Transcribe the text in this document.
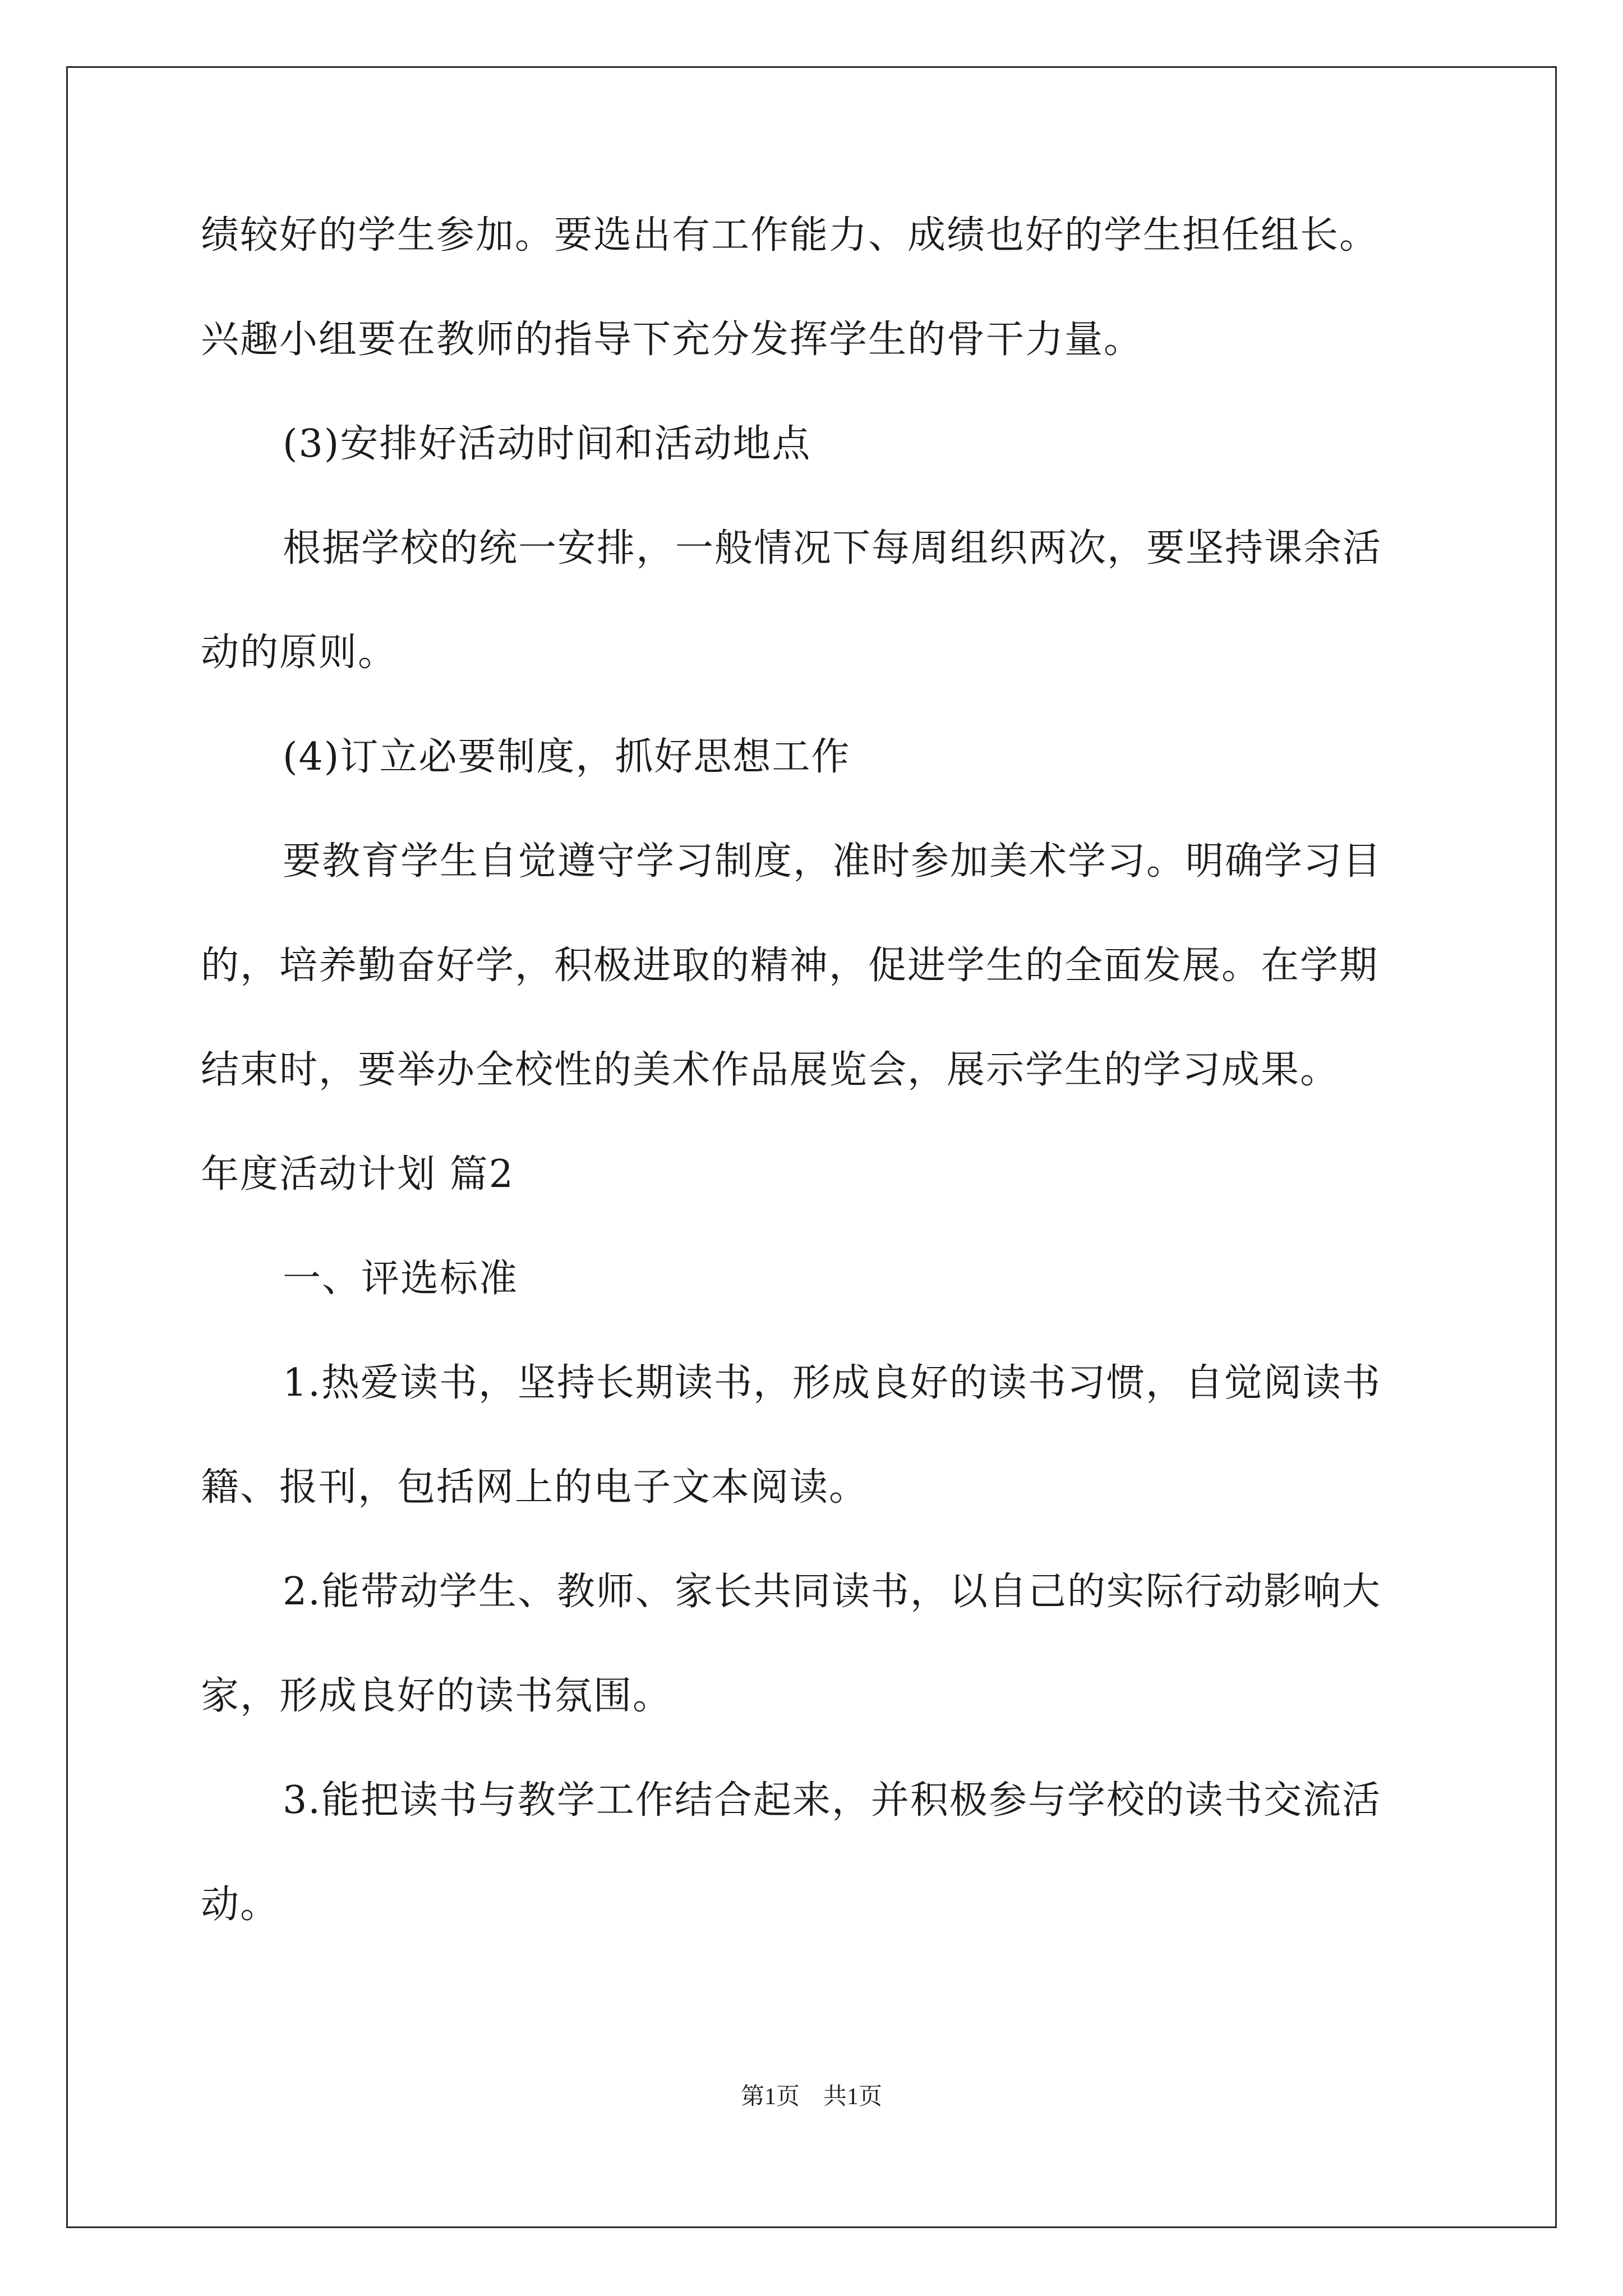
绩较好的学生参加。要选出有工作能力、成绩也好的学生担任组长。
兴趣小组要在教师的指导下充分发挥学生的骨干力量。
(3)安排好活动时间和活动地点
根据学校的统一安排，一般情况下每周组织两次，要坚持课余活
动的原则。
(4)订立必要制度，抓好思想工作
要教育学生自觉遵守学习制度，准时参加美术学习。明确学习目
的，培养勤奋好学，积极进取的精神，促进学生的全面发展。在学期
结束时，要举办全校性的美术作品展览会，展示学生的学习成果。
年度活动计划 篇2
一、评选标准
1.热爱读书，坚持长期读书，形成良好的读书习惯，自觉阅读书
籍、报刊，包括网上的电子文本阅读。
2.能带动学生、教师、家长共同读书，以自己的实际行动影响大
家，形成良好的读书氛围。
3.能把读书与教学工作结合起来，并积极参与学校的读书交流活
动。
第1页　共1页
